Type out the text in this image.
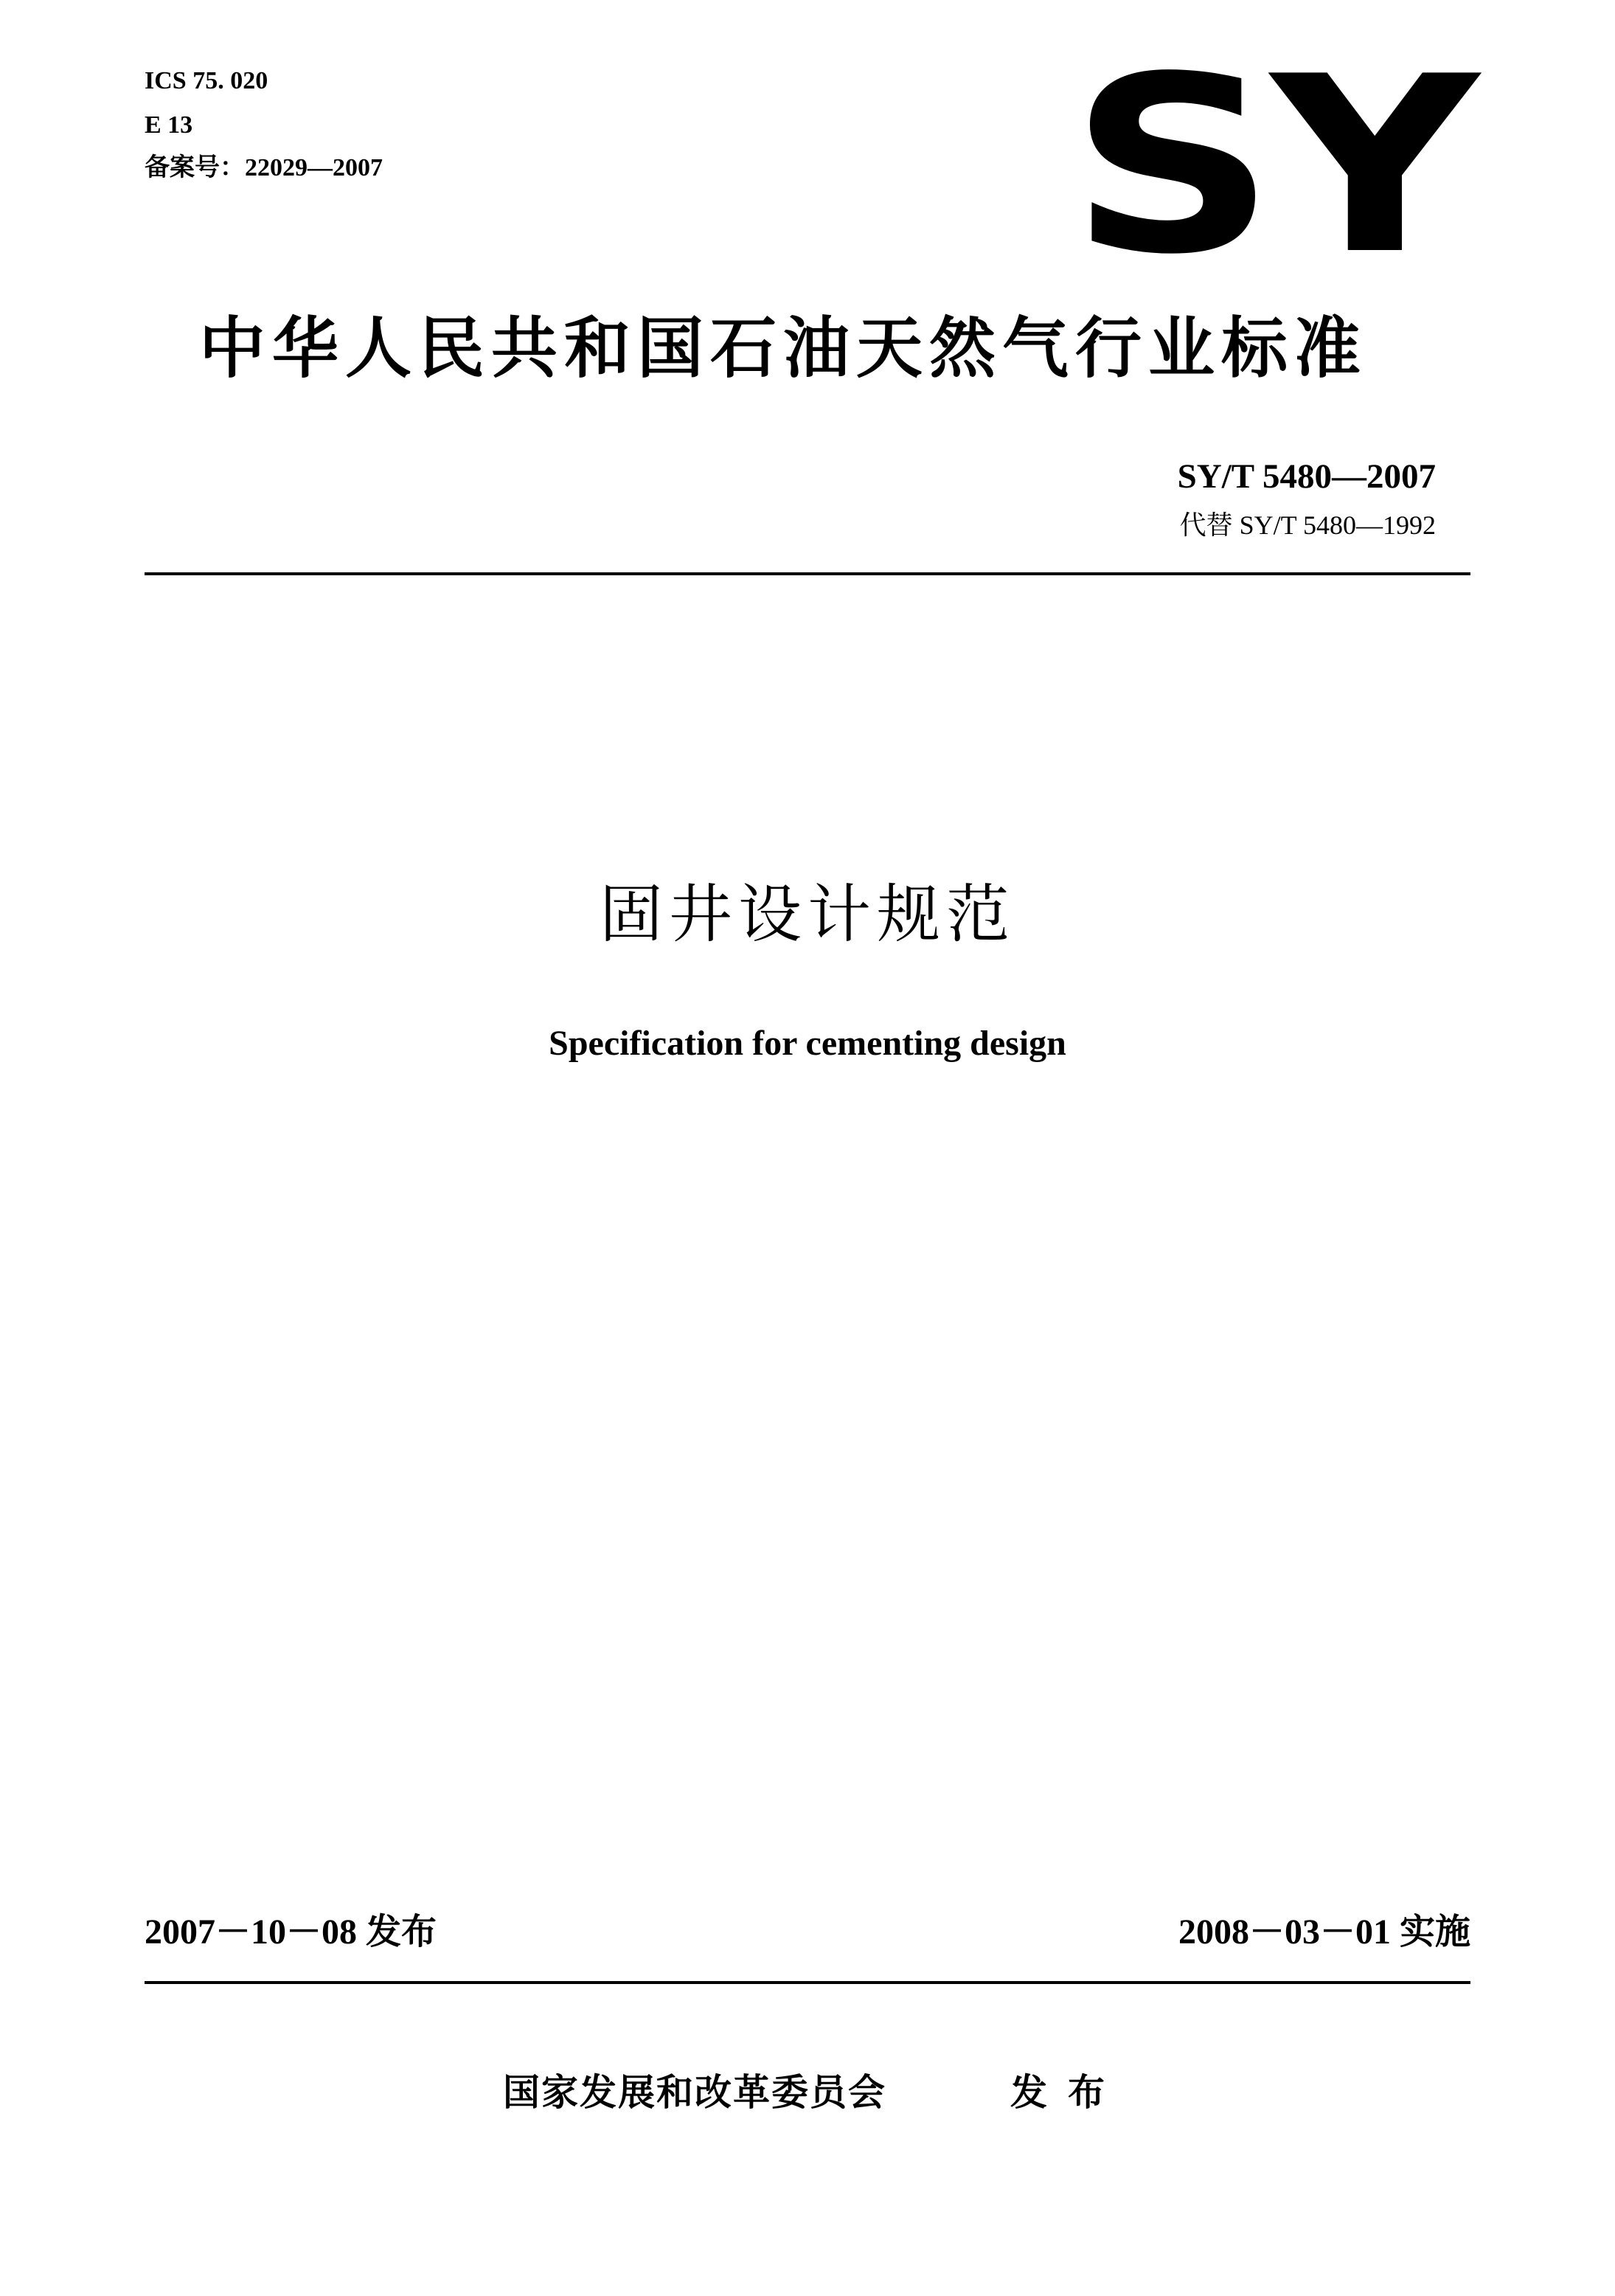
ICS 75. 020
E 13
备案号：22029—2007	SY
中华人民共和国石油天然气行业标准
SY/T 5480—2007
代替 SY/T 5480—1992
固井设计规范
Specification for cementing design
2007－10－08 发布	2008－03－01 实施
国家发展和改革委员会	发布
